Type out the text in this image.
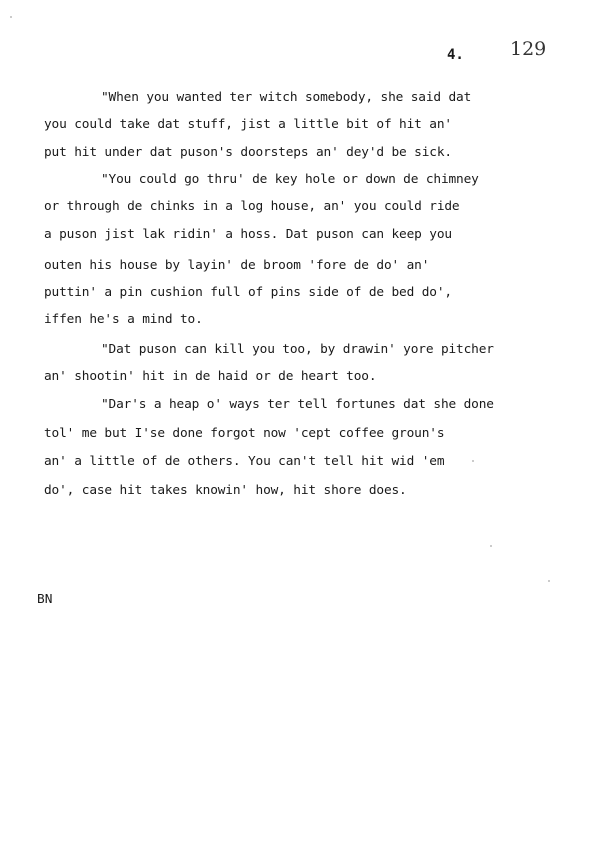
4. 129
"When you wanted ter witch somebody, she said dat
you could take dat stuff, jist a little bit of hit an'
put hit under dat puson's doorsteps an' dey'd be sick.
"You could go thru' de key hole or down de chimney
or through de chinks in a log house, an' you could ride
a puson jist lak ridin' a hoss. Dat puson can keep you
outen his house by layin' de broom 'fore de do' an'
puttin' a pin cushion full of pins side of de bed do',
iffen he's a mind to.
"Dat puson can kill you too, by drawin' yore pitcher
an' shootin' hit in de haid or de heart too.
"Dar's a heap o' ways ter tell fortunes dat she done
tol' me but I'se done forgot now 'cept coffee groun's
an' a little of de others. You can't tell hit wid 'em
do', case hit takes knowin' how, hit shore does.
BN
